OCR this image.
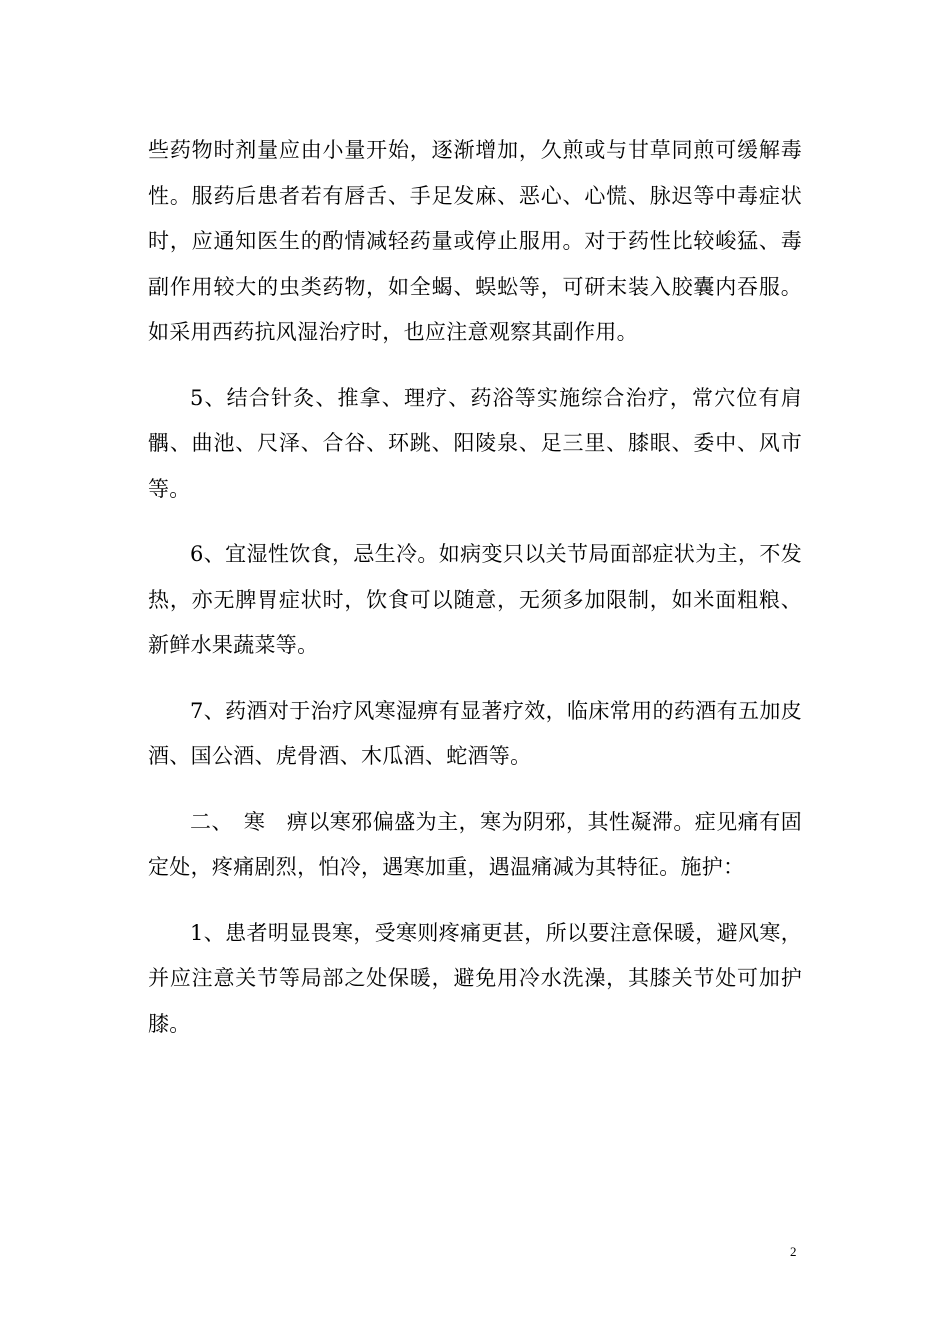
些药物时剂量应由小量开始，逐渐增加，久煎或与甘草同煎可缓解毒性。服药后患者若有唇舌、手足发麻、恶心、心慌、脉迟等中毒症状时，应通知医生的酌情减轻药量或停止服用。对于药性比较峻猛、毒副作用较大的虫类药物，如全蝎、蜈蚣等，可研末装入胶囊内吞服。如采用西药抗风湿治疗时，也应注意观察其副作用。

5、结合针灸、推拿、理疗、药浴等实施综合治疗，常穴位有肩髃、曲池、尺泽、合谷、环跳、阳陵泉、足三里、膝眼、委中、风市等。

6、宜湿性饮食，忌生冷。如病变只以关节局面部症状为主，不发热，亦无脾胃症状时，饮食可以随意，无须多加限制，如米面粗粮、新鲜水果蔬菜等。

7、药酒对于治疗风寒湿痹有显著疗效，临床常用的药酒有五加皮酒、国公酒、虎骨酒、木瓜酒、蛇酒等。

二、　寒　痹以寒邪偏盛为主，寒为阴邪，其性凝滞。症见痛有固定处，疼痛剧烈，怕冷，遇寒加重，遇温痛减为其特征。施护：

1、患者明显畏寒，受寒则疼痛更甚，所以要注意保暖，避风寒，并应注意关节等局部之处保暖，避免用冷水洗澡，其膝关节处可加护膝。

2
